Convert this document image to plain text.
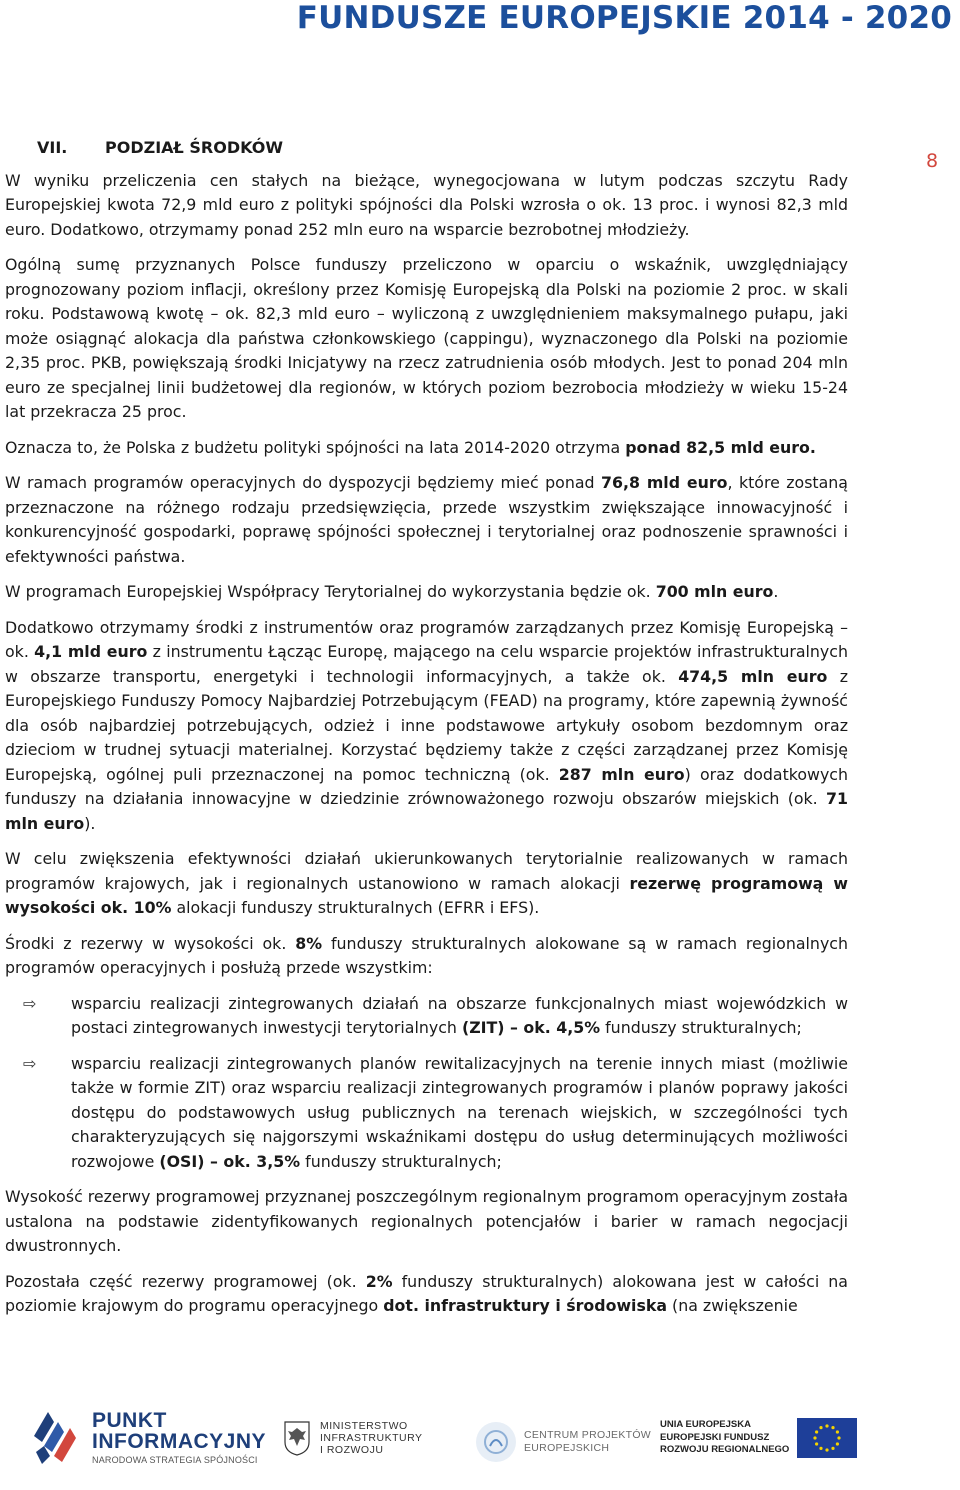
FUNDUSZE EUROPEJSKIE 2014 - 2020
8
VII. PODZIAŁ ŚRODKÓW

W wyniku przeliczenia cen stałych na bieżące, wynegocjowana w lutym podczas szczytu Rady Europejskiej kwota 72,9 mld euro z polityki spójności dla Polski wzrosła o ok. 13 proc. i wynosi 82,3 mld euro. Dodatkowo, otrzymamy ponad 252 mln euro na wsparcie bezrobotnej młodzieży.

Ogólną sumę przyznanych Polsce funduszy przeliczono w oparciu o wskaźnik, uwzględniający prognozowany poziom inflacji, określony przez Komisję Europejską dla Polski na poziomie 2 proc. w skali roku. Podstawową kwotę – ok. 82,3 mld euro – wyliczoną z uwzględnieniem maksymalnego pułapu, jaki może osiągnąć alokacja dla państwa członkowskiego (cappingu), wyznaczonego dla Polski na poziomie 2,35 proc. PKB, powiększają środki Inicjatywy na rzecz zatrudnienia osób młodych. Jest to ponad 204 mln euro ze specjalnej linii budżetowej dla regionów, w których poziom bezrobocia młodzieży w wieku 15-24 lat przekracza 25 proc.

Oznacza to, że Polska z budżetu polityki spójności na lata 2014-2020 otrzyma ponad 82,5 mld euro.

W ramach programów operacyjnych do dyspozycji będziemy mieć ponad 76,8 mld euro, które zostaną przeznaczone na różnego rodzaju przedsięwzięcia, przede wszystkim zwiększające innowacyjność i konkurencyjność gospodarki, poprawę spójności społecznej i terytorialnej oraz podnoszenie sprawności i efektywności państwa.

W programach Europejskiej Współpracy Terytorialnej do wykorzystania będzie ok. 700 mln euro.

Dodatkowo otrzymamy środki z instrumentów oraz programów zarządzanych przez Komisję Europejską – ok. 4,1 mld euro z instrumentu Łącząc Europę, mającego na celu wsparcie projektów infrastrukturalnych w obszarze transportu, energetyki i technologii informacyjnych, a także ok. 474,5 mln euro z Europejskiego Funduszy Pomocy Najbardziej Potrzebującym (FEAD) na programy, które zapewnią żywność dla osób najbardziej potrzebujących, odzież i inne podstawowe artykuły osobom bezdomnym oraz dzieciom w trudnej sytuacji materialnej. Korzystać będziemy także z części zarządzanej przez Komisję Europejską, ogólnej puli przeznaczonej na pomoc techniczną (ok. 287 mln euro) oraz dodatkowych funduszy na działania innowacyjne w dziedzinie zrównoważonego rozwoju obszarów miejskich (ok. 71 mln euro).

W celu zwiększenia efektywności działań ukierunkowanych terytorialnie realizowanych w ramach programów krajowych, jak i regionalnych ustanowiono w ramach alokacji rezerwę programową w wysokości ok. 10% alokacji funduszy strukturalnych (EFRR i EFS).

Środki z rezerwy w wysokości ok. 8% funduszy strukturalnych alokowane są w ramach regionalnych programów operacyjnych i posłużą przede wszystkim:

⇨ wsparciu realizacji zintegrowanych działań na obszarze funkcjonalnych miast wojewódzkich w postaci zintegrowanych inwestycji terytorialnych (ZIT) – ok. 4,5% funduszy strukturalnych;
⇨ wsparciu realizacji zintegrowanych planów rewitalizacyjnych na terenie innych miast (możliwie także w formie ZIT) oraz wsparciu realizacji zintegrowanych programów i planów poprawy jakości dostępu do podstawowych usług publicznych na terenach wiejskich, w szczególności tych charakteryzujących się najgorszymi wskaźnikami dostępu do usług determinujących możliwości rozwojowe (OSI) – ok. 3,5% funduszy strukturalnych;

Wysokość rezerwy programowej przyznanej poszczególnym regionalnym programom operacyjnym została ustalona na podstawie zidentyfikowanych regionalnych potencjałów i barier w ramach negocjacji dwustronnych.

Pozostała część rezerwy programowej (ok. 2% funduszy strukturalnych) alokowana jest w całości na poziomie krajowym do programu operacyjnego dot. infrastruktury i środowiska (na zwiększenie

PUNKT
INFORMACYJNY
NARODOWA STRATEGIA SPÓJNOŚCI
MINISTERSTWO
INFRASTRUKTURY
I ROZWOJU
CENTRUM PROJEKTÓW
EUROPEJSKICH
UNIA EUROPEJSKA
EUROPEJSKI FUNDUSZ
ROZWOJU REGIONALNEGO
